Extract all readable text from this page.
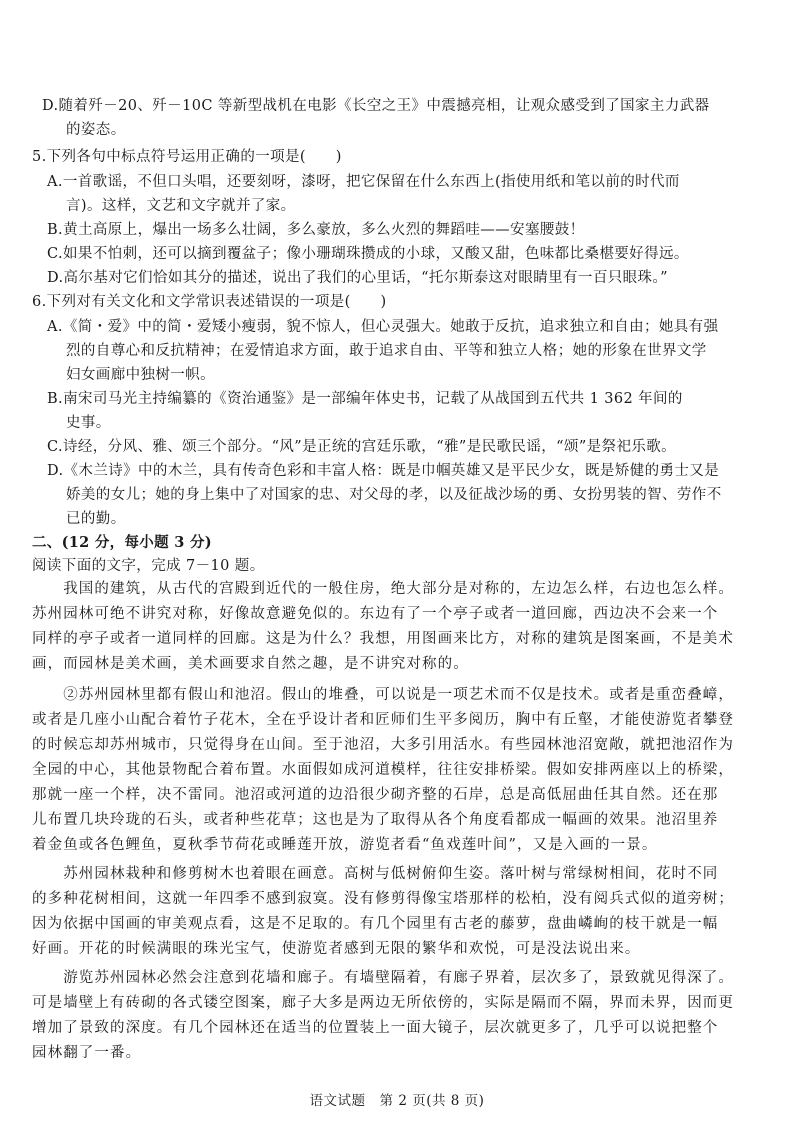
D.随着歼－20、歼－10C 等新型战机在电影《长空之王》中震撼亮相，让观众感受到了国家主力武器
的姿态。
5.下列各句中标点符号运用正确的一项是(　　)
A.一首歌谣，不但口头唱，还要刻呀，漆呀，把它保留在什么东西上(指使用纸和笔以前的时代而
言)。这样，文艺和文字就并了家。
B.黄土高原上，爆出一场多么壮阔，多么豪放，多么火烈的舞蹈哇——安塞腰鼓！
C.如果不怕刺，还可以摘到覆盆子；像小珊瑚珠攒成的小球，又酸又甜，色味都比桑椹要好得远。
D.高尔基对它们恰如其分的描述，说出了我们的心里话，“托尔斯泰这对眼睛里有一百只眼珠。”
6.下列对有关文化和文学常识表述错误的一项是(　　)
A.《简・爱》中的简・爱矮小瘦弱，貌不惊人，但心灵强大。她敢于反抗，追求独立和自由；她具有强
烈的自尊心和反抗精神；在爱情追求方面，敢于追求自由、平等和独立人格；她的形象在世界文学
妇女画廊中独树一帜。
B.南宋司马光主持编纂的《资治通鉴》是一部编年体史书，记载了从战国到五代共 1 362 年间的
史事。
C.诗经，分风、雅、颂三个部分。“风”是正统的宫廷乐歌，“雅”是民歌民谣，“颂”是祭祀乐歌。
D.《木兰诗》中的木兰，具有传奇色彩和丰富人格：既是巾帼英雄又是平民少女，既是矫健的勇士又是
娇美的女儿；她的身上集中了对国家的忠、对父母的孝，以及征战沙场的勇、女扮男装的智、劳作不
已的勤。
二、(12 分，每小题 3 分)
阅读下面的文字，完成 7－10 题。
　　我国的建筑，从古代的宫殿到近代的一般住房，绝大部分是对称的，左边怎么样，右边也怎么样。
苏州园林可绝不讲究对称，好像故意避免似的。东边有了一个亭子或者一道回廊，西边决不会来一个
同样的亭子或者一道同样的回廊。这是为什么？我想，用图画来比方，对称的建筑是图案画，不是美术
画，而园林是美术画，美术画要求自然之趣，是不讲究对称的。
　　②苏州园林里都有假山和池沼。假山的堆叠，可以说是一项艺术而不仅是技术。或者是重峦叠嶂，
或者是几座小山配合着竹子花木，全在乎设计者和匠师们生平多阅历，胸中有丘壑，才能使游览者攀登
的时候忘却苏州城市，只觉得身在山间。至于池沼，大多引用活水。有些园林池沼宽敞，就把池沼作为
全园的中心，其他景物配合着布置。水面假如成河道模样，往往安排桥梁。假如安排两座以上的桥梁，
那就一座一个样，决不雷同。池沼或河道的边沿很少砌齐整的石岸，总是高低屈曲任其自然。还在那
儿布置几块玲珑的石头，或者种些花草；这也是为了取得从各个角度看都成一幅画的效果。池沼里养
着金鱼或各色鲤鱼，夏秋季节荷花或睡莲开放，游览者看“鱼戏莲叶间”，又是入画的一景。
　　苏州园林栽种和修剪树木也着眼在画意。高树与低树俯仰生姿。落叶树与常绿树相间，花时不同
的多种花树相间，这就一年四季不感到寂寞。没有修剪得像宝塔那样的松柏，没有阅兵式似的道旁树；
因为依据中国画的审美观点看，这是不足取的。有几个园里有古老的藤萝，盘曲嶙峋的枝干就是一幅
好画。开花的时候满眼的珠光宝气，使游览者感到无限的繁华和欢悦，可是没法说出来。
　　游览苏州园林必然会注意到花墙和廊子。有墙壁隔着，有廊子界着，层次多了，景致就见得深了。
可是墙壁上有砖砌的各式镂空图案，廊子大多是两边无所依傍的，实际是隔而不隔，界而未界，因而更
增加了景致的深度。有几个园林还在适当的位置装上一面大镜子，层次就更多了，几乎可以说把整个
园林翻了一番。
语文试题　第 2 页(共 8 页)
